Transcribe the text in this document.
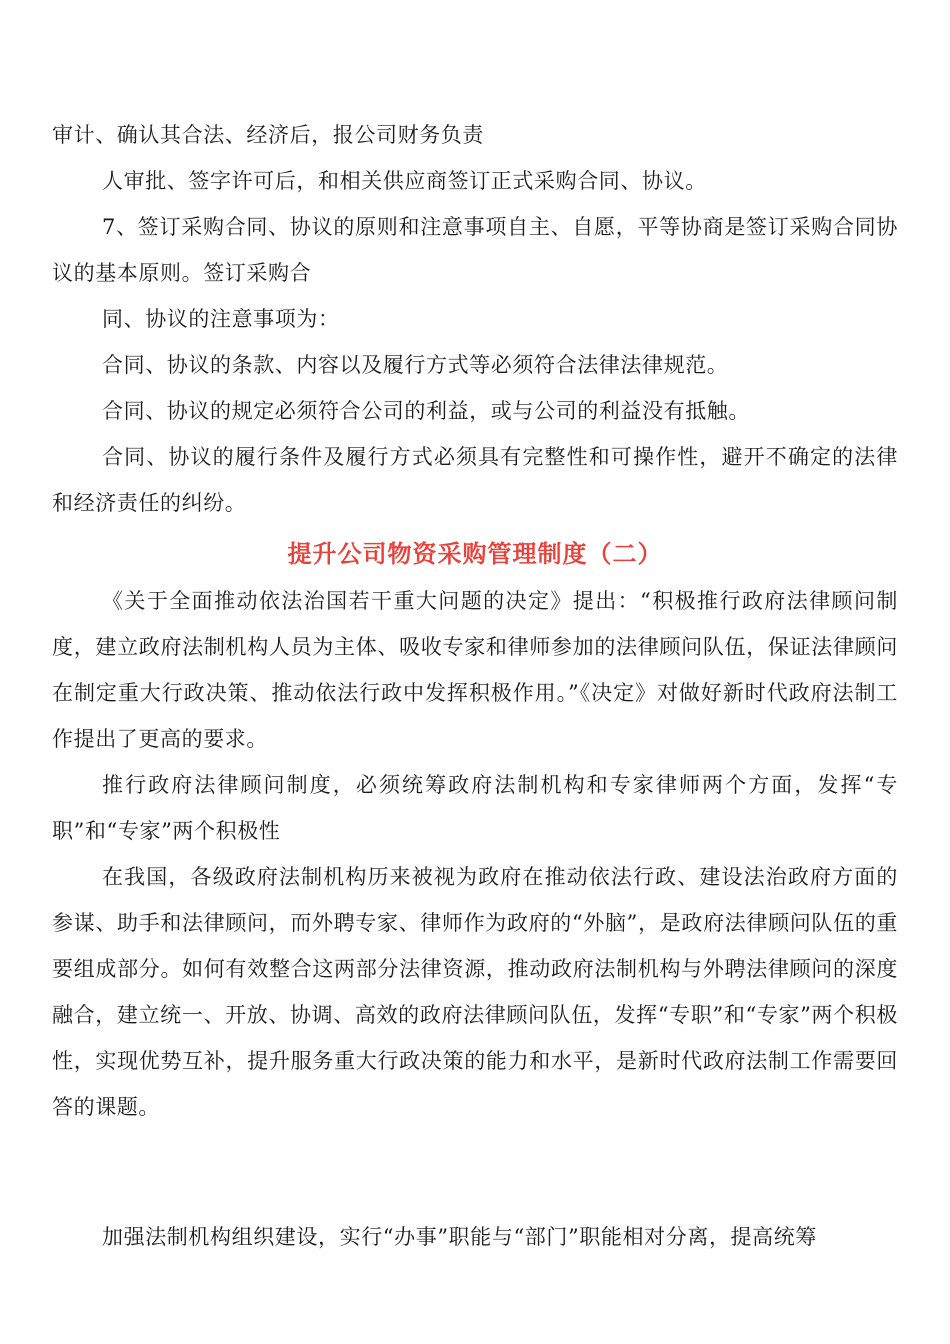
审计、确认其合法、经济后，报公司财务负责

人审批、签字许可后，和相关供应商签订正式采购合同、协议。

7、签订采购合同、协议的原则和注意事项自主、自愿，平等协商是签订采购合同协议的基本原则。签订采购合

同、协议的注意事项为：

合同、协议的条款、内容以及履行方式等必须符合法律法律规范。

合同、协议的规定必须符合公司的利益，或与公司的利益没有抵触。

合同、协议的履行条件及履行方式必须具有完整性和可操作性，避开不确定的法律和经济责任的纠纷。

提升公司物资采购管理制度（二）

《关于全面推动依法治国若干重大问题的决定》提出：“积极推行政府法律顾问制度，建立政府法制机构人员为主体、吸收专家和律师参加的法律顾问队伍，保证法律顾问在制定重大行政决策、推动依法行政中发挥积极作用。”《决定》对做好新时代政府法制工作提出了更高的要求。

推行政府法律顾问制度，必须统筹政府法制机构和专家律师两个方面，发挥“专职”和“专家”两个积极性

在我国，各级政府法制机构历来被视为政府在推动依法行政、建设法治政府方面的参谋、助手和法律顾问，而外聘专家、律师作为政府的“外脑”，是政府法律顾问队伍的重要组成部分。如何有效整合这两部分法律资源，推动政府法制机构与外聘法律顾问的深度融合，建立统一、开放、协调、高效的政府法律顾问队伍，发挥“专职”和“专家”两个积极性，实现优势互补，提升服务重大行政决策的能力和水平，是新时代政府法制工作需要回答的课题。

加强法制机构组织建设，实行“办事”职能与“部门”职能相对分离，提高统筹
